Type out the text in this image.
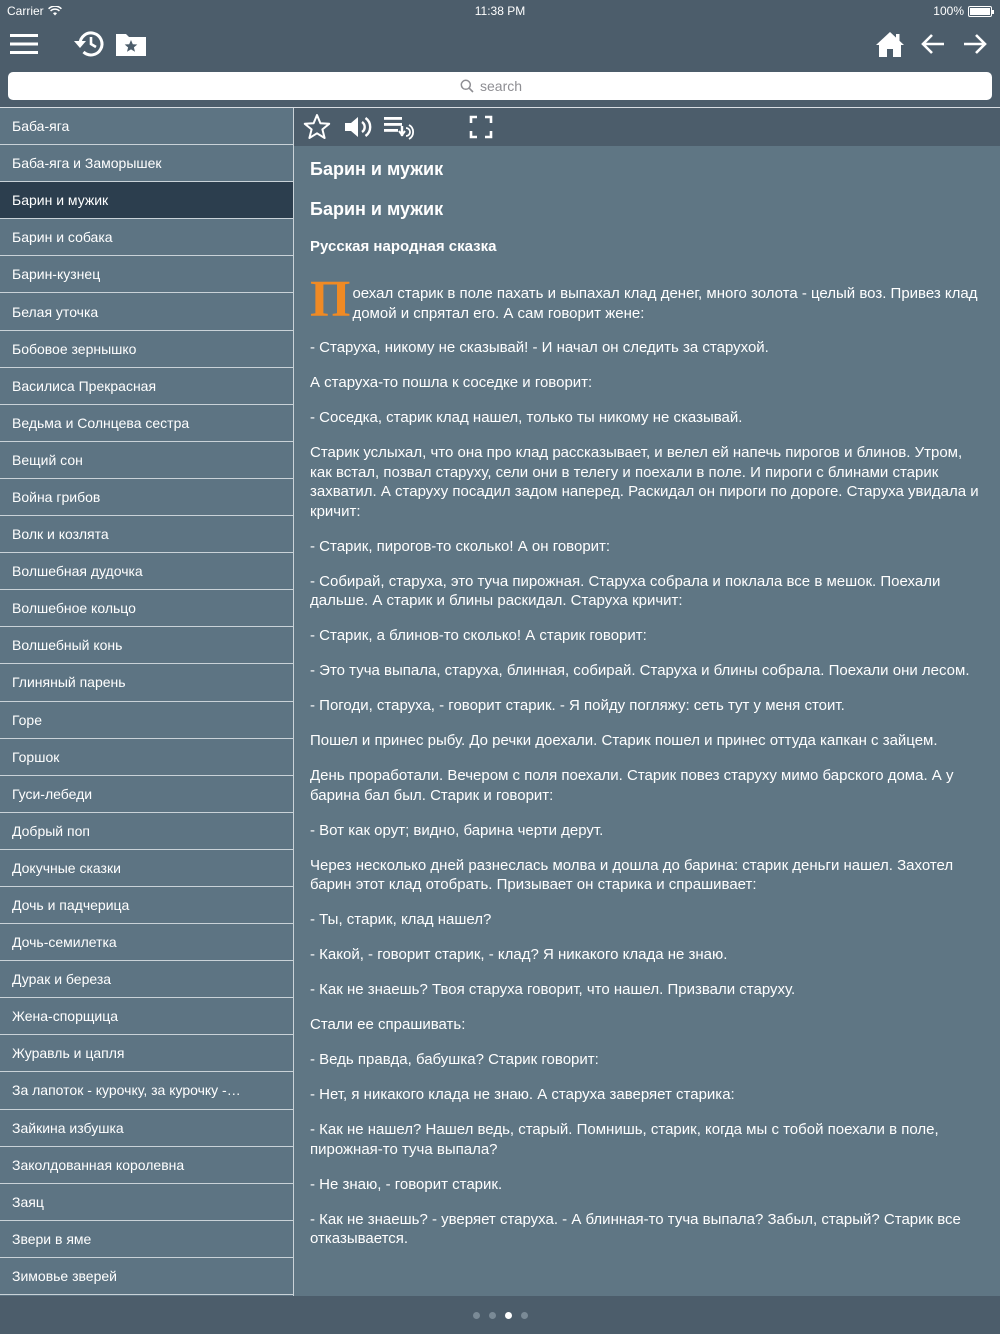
Carrier	11:38 PM	100%
search
Баба-яга
Баба-яга и Заморышек
Барин и мужик
Барин и собака
Барин-кузнец
Белая уточка
Бобовое зернышко
Василиса Прекрасная
Ведьма и Солнцева сестра
Вещий сон
Война грибов
Волк и козлята
Волшебная дудочка
Волшебное кольцо
Волшебный конь
Глиняный парень
Горе
Горшок
Гуси-лебеди
Добрый поп
Докучные сказки
Дочь и падчерица
Дочь-семилетка
Дурак и береза
Жена-спорщица
Журавль и цапля
За лапоток - курочку, за курочку -…
Зайкина избушка
Заколдованная королевна
Заяц
Звери в яме
Зимовье зверей
Барин и мужик
Барин и мужик
Русская народная сказка

Поехал старик в поле пахать и выпахал клад денег, много золота - целый воз. Привез клад домой и спрятал его. А сам говорит жене:

- Старуха, никому не сказывай! - И начал он следить за старухой.

А старуха-то пошла к соседке и говорит:

- Соседка, старик клад нашел, только ты никому не сказывай.

Старик услыхал, что она про клад рассказывает, и велел ей напечь пирогов и блинов. Утром, как встал, позвал старуху, сели они в телегу и поехали в поле. И пироги с блинами старик захватил. А старуху посадил задом наперед. Раскидал он пироги по дороге. Старуха увидала и кричит:

- Старик, пирогов-то сколько! А он говорит:

- Собирай, старуха, это туча пирожная. Старуха собрала и поклала все в мешок. Поехали дальше. А старик и блины раскидал. Старуха кричит:

- Старик, а блинов-то сколько! А старик говорит:

- Это туча выпала, старуха, блинная, собирай. Старуха и блины собрала. Поехали они лесом.

- Погоди, старуха, - говорит старик. - Я пойду погляжу: сеть тут у меня стоит.

Пошел и принес рыбу. До речки доехали. Старик пошел и принес оттуда капкан с зайцем.

День проработали. Вечером с поля поехали. Старик повез старуху мимо барского дома. А у барина бал был. Старик и говорит:

- Вот как орут; видно, барина черти дерут.

Через несколько дней разнеслась молва и дошла до барина: старик деньги нашел. Захотел барин этот клад отобрать. Призывает он старика и спрашивает:

- Ты, старик, клад нашел?

- Какой, - говорит старик, - клад? Я никакого клада не знаю.

- Как не знаешь? Твоя старуха говорит, что нашел. Призвали старуху.

Стали ее спрашивать:

- Ведь правда, бабушка? Старик говорит:

- Нет, я никакого клада не знаю. А старуха заверяет старика:

- Как не нашел? Нашел ведь, старый. Помнишь, старик, когда мы с тобой поехали в поле, пирожная-то туча выпала?

- Не знаю, - говорит старик.

- Как не знаешь? - уверяет старуха. - А блинная-то туча выпала? Забыл, старый? Старик все отказывается.
